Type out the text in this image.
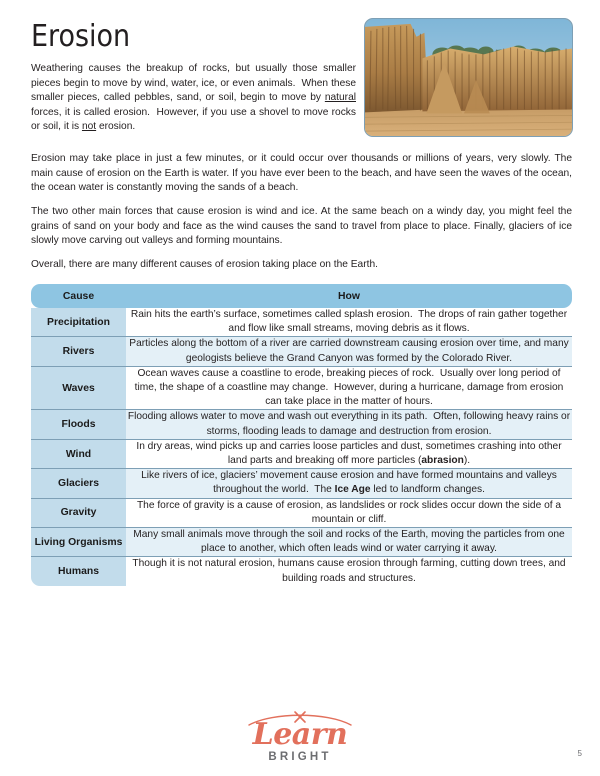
Erosion
Weathering causes the breakup of rocks, but usually those smaller pieces begin to move by wind, water, ice, or even animals.  When these smaller pieces, called pebbles, sand, or soil, begin to move by natural forces, it is called erosion.  However, if you use a shovel to move rocks or soil, it is not erosion.
Erosion may take place in just a few minutes, or it could occur over thousands or millions of years, very slowly. The main cause of erosion on the Earth is water. If you have ever been to the beach, and have seen the waves of the ocean, the ocean water is constantly moving the sands of a beach.
The two other main forces that cause erosion is wind and ice. At the same beach on a windy day, you might feel the grains of sand on your body and face as the wind causes the sand to travel from place to place. Finally, glaciers of ice slowly move carving out valleys and forming mountains.
Overall, there are many different causes of erosion taking place on the Earth.
Cause	How
Precipitation	Rain hits the earth’s surface, sometimes called splash erosion.  The drops of rain gather together and flow like small streams, moving debris as it flows.
Rivers	Particles along the bottom of a river are carried downstream causing erosion over time, and many geologists believe the Grand Canyon was formed by the Colorado River.
Waves	Ocean waves cause a coastline to erode, breaking pieces of rock.  Usually over long period of time, the shape of a coastline may change.  However, during a hurricane, damage from erosion can take place in the matter of hours.
Floods	Flooding allows water to move and wash out everything in its path.  Often, following heavy rains or storms, flooding leads to damage and destruction from erosion.
Wind	In dry areas, wind picks up and carries loose particles and dust, sometimes crashing into other land parts and breaking off more particles (abrasion).
Glaciers	Like rivers of ice, glaciers’ movement cause erosion and have formed mountains and valleys throughout the world.  The Ice Age led to landform changes.
Gravity	The force of gravity is a cause of erosion, as landslides or rock slides occur down the side of a mountain or cliff.
Living Organisms	Many small animals move through the soil and rocks of the Earth, moving the particles from one place to another, which often leads wind or water carrying it away.
Humans	Though it is not natural erosion, humans cause erosion through farming, cutting down trees, and building roads and structures.
Learn
BRIGHT	5
